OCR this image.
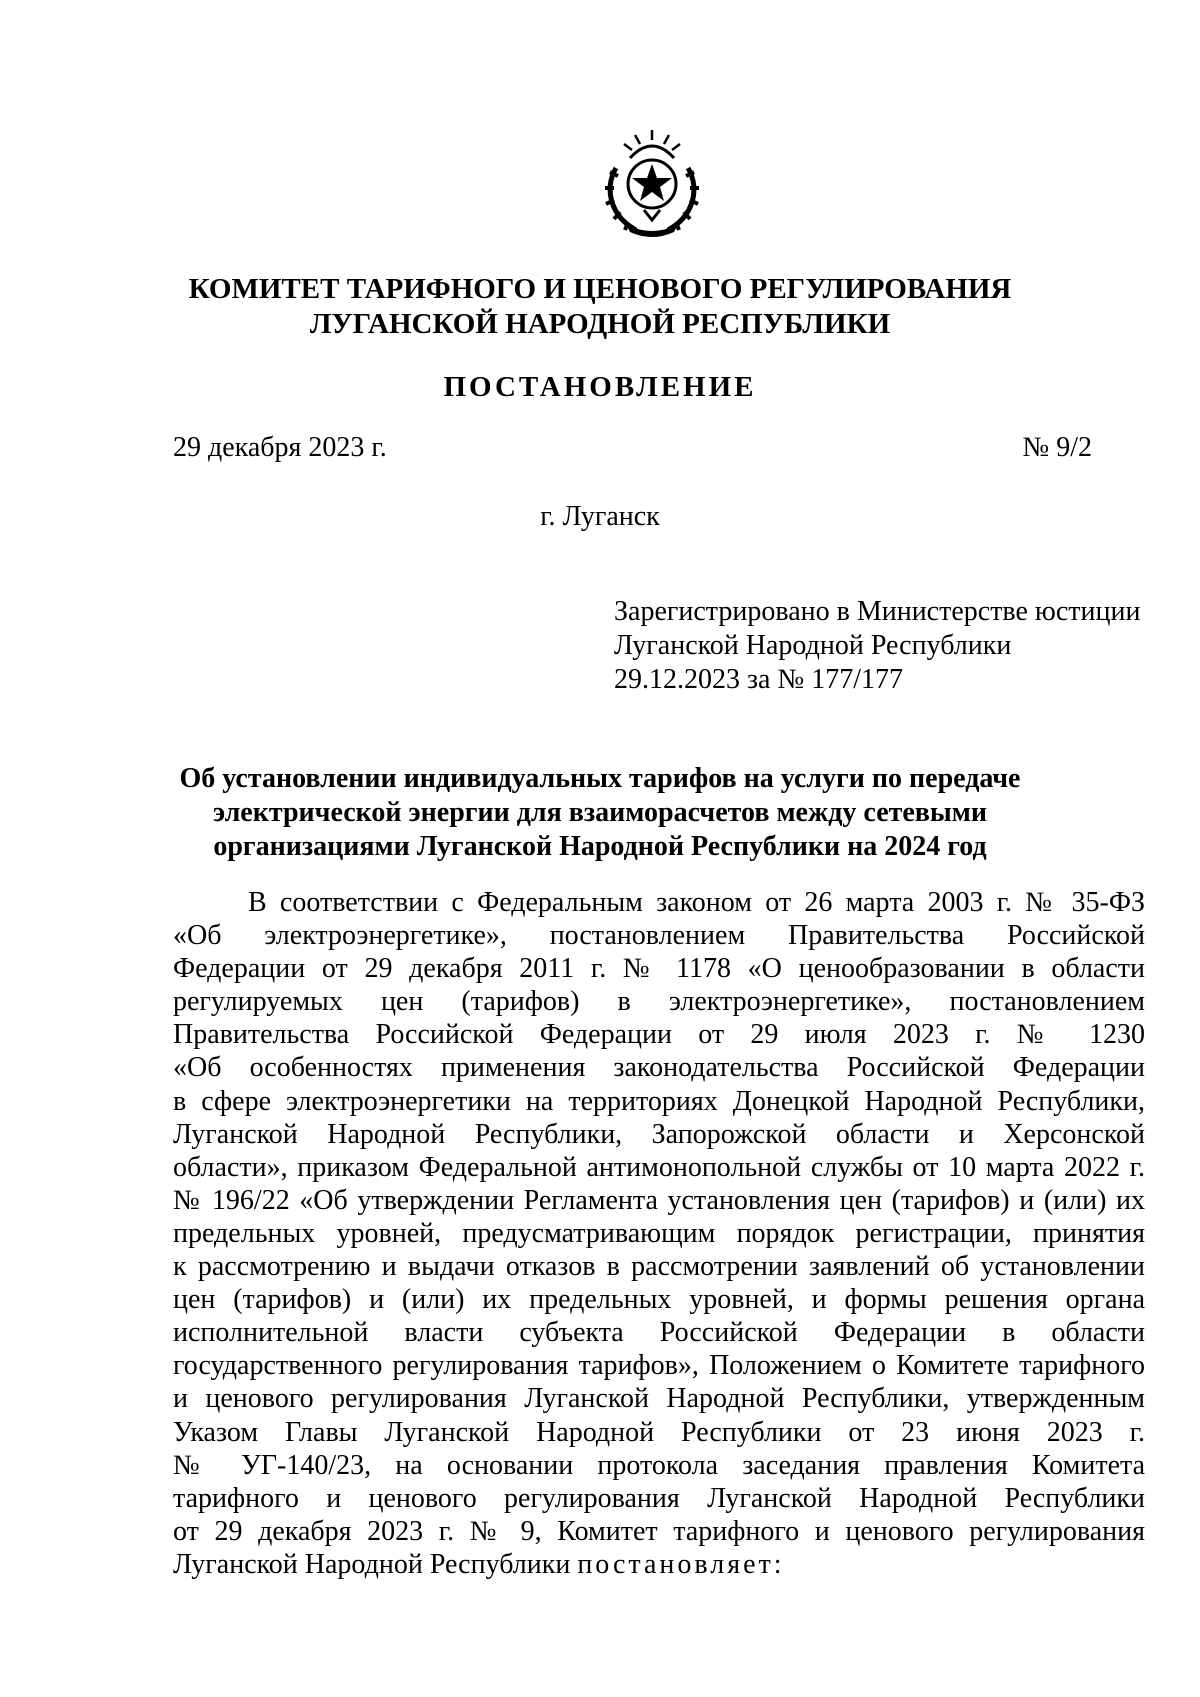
КОМИТЕТ ТАРИФНОГО И ЦЕНОВОГО РЕГУЛИРОВАНИЯ
ЛУГАНСКОЙ НАРОДНОЙ РЕСПУБЛИКИ
ПОСТАНОВЛЕНИЕ
29 декабря 2023 г.	№ 9/2
г. Луганск
Зарегистрировано в Министерстве юстиции
Луганской Народной Республики
29.12.2023 за № 177/177
Об установлении индивидуальных тарифов на услуги по передаче
электрической энергии для взаиморасчетов между сетевыми
организациями Луганской Народной Республики на 2024 год
В соответствии с Федеральным законом от 26 марта 2003 г. № 35-ФЗ
«Об электроэнергетике», постановлением Правительства Российской
Федерации от 29 декабря 2011 г. № 1178 «О ценообразовании в области
регулируемых цен (тарифов) в электроэнергетике», постановлением
Правительства Российской Федерации от 29 июля 2023 г. № 1230
«Об особенностях применения законодательства Российской Федерации
в сфере электроэнергетики на территориях Донецкой Народной Республики,
Луганской Народной Республики, Запорожской области и Херсонской
области», приказом Федеральной антимонопольной службы от 10 марта 2022 г.
№ 196/22 «Об утверждении Регламента установления цен (тарифов) и (или) их
предельных уровней, предусматривающим порядок регистрации, принятия
к рассмотрению и выдачи отказов в рассмотрении заявлений об установлении
цен (тарифов) и (или) их предельных уровней, и формы решения органа
исполнительной власти субъекта Российской Федерации в области
государственного регулирования тарифов», Положением о Комитете тарифного
и ценового регулирования Луганской Народной Республики, утвержденным
Указом Главы Луганской Народной Республики от 23 июня 2023 г.
№ УГ-140/23, на основании протокола заседания правления Комитета
тарифного и ценового регулирования Луганской Народной Республики
от 29 декабря 2023 г. № 9, Комитет тарифного и ценового регулирования
Луганской Народной Республики постановляет:
